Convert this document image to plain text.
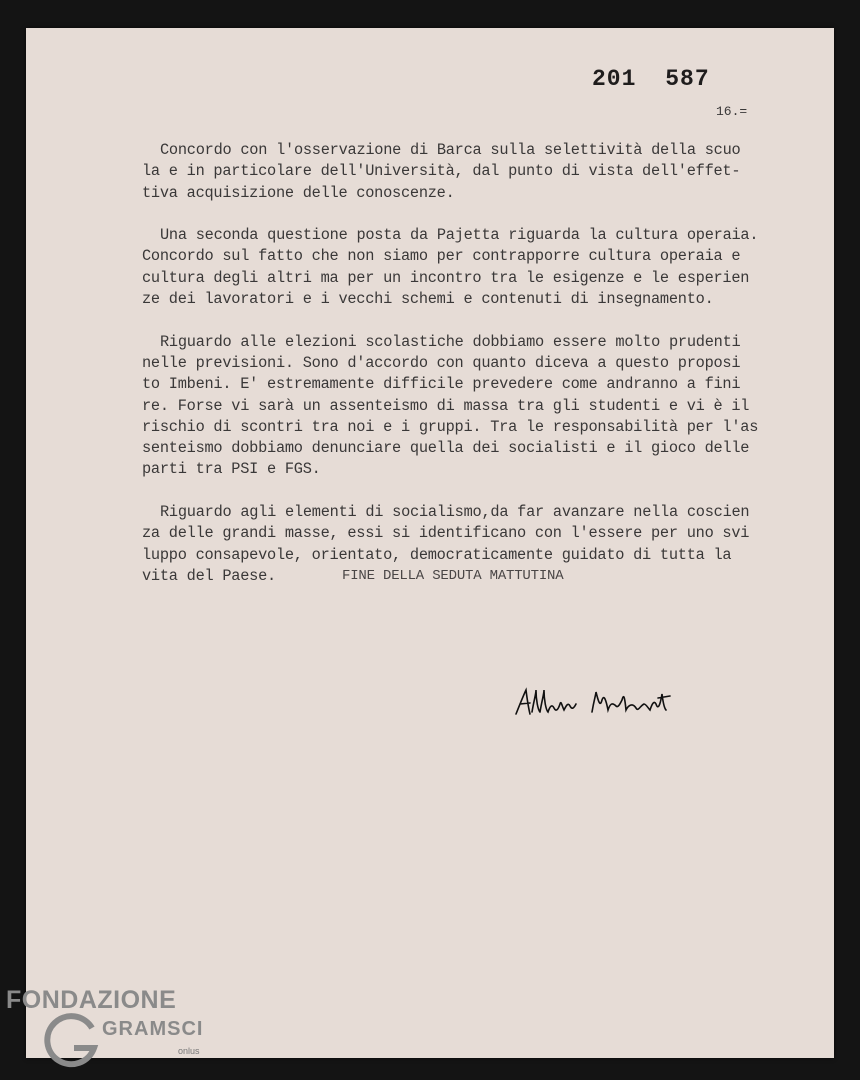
201 587
16.=
Concordo con l'osservazione di Barca sulla selettività della scuo
la e in particolare dell'Università, dal punto di vista dell'effet-
tiva acquisizione delle conoscenze.
Una seconda questione posta da Pajetta riguarda la cultura operaia.
Concordo sul fatto che non siamo per contrapporre cultura operaia e
cultura degli altri ma per un incontro tra le esigenze e le esperien
ze dei lavoratori e i vecchi schemi e contenuti di insegnamento.
Riguardo alle elezioni scolastiche dobbiamo essere molto prudenti
nelle previsioni. Sono d'accordo con quanto diceva a questo proposi
to Imbeni. E' estremamente difficile prevedere come andranno a fini
re. Forse vi sarà un assenteismo di massa tra gli studenti e vi è il
rischio di scontri tra noi e i gruppi. Tra le responsabilità per l'as
senteismo dobbiamo denunciare quella dei socialisti e il gioco delle
parti tra PSI e FGS.
Riguardo agli elementi di socialismo,da far avanzare nella coscien
za delle grandi masse, essi si identificano con l'essere per uno svi
luppo consapevole, orientato, democraticamente guidato di tutta la
vita del Paese.	FINE DELLA SEDUTA MATTUTINA
FONDAZIONE
GRAMSCI
onlus
